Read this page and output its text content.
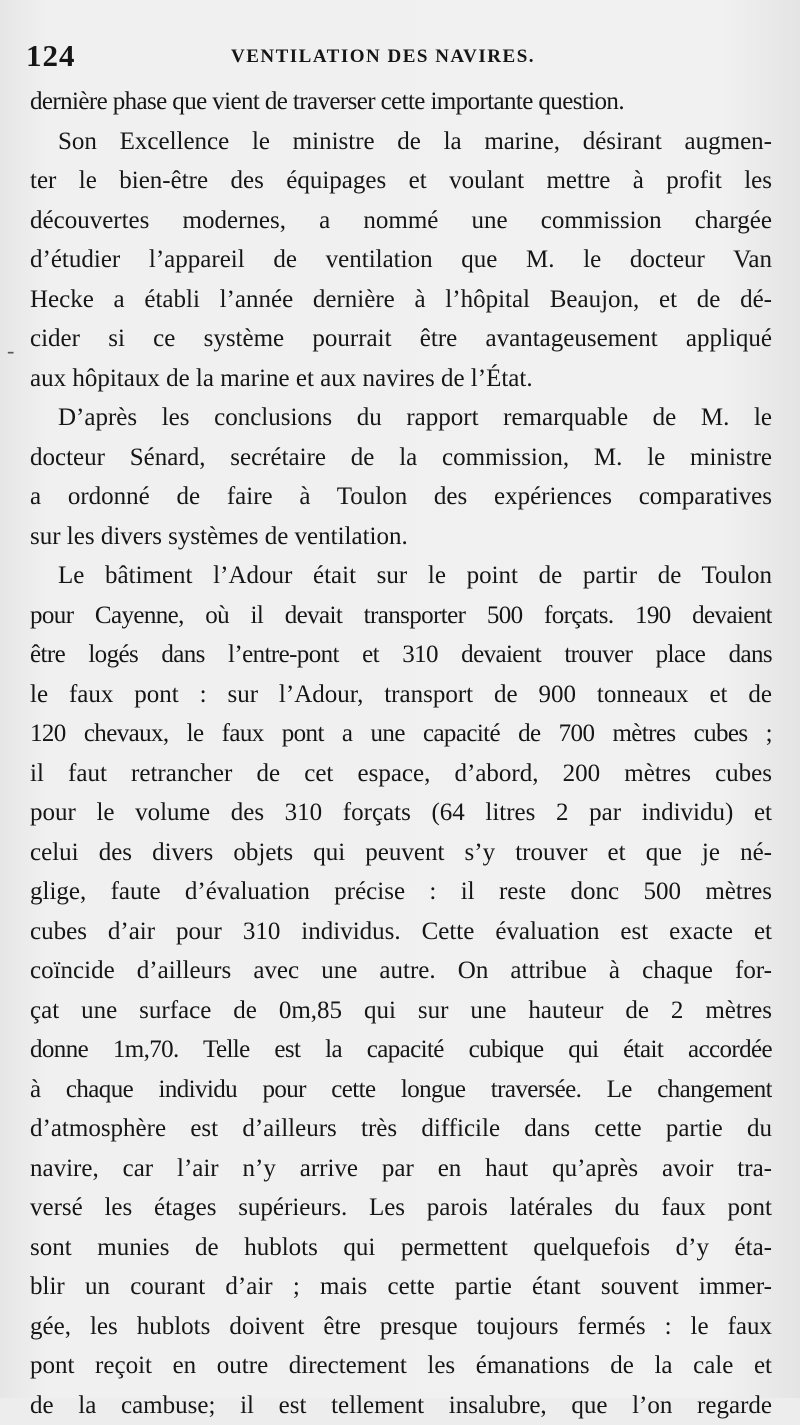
124	VENTILATION DES NAVIRES.
-
dernière phase que vient de traverser cette importante question.
Son Excellence le ministre de la marine, désirant augmen-
ter le bien-être des équipages et voulant mettre à profit les
découvertes modernes, a nommé une commission chargée
d’étudier l’appareil de ventilation que M. le docteur Van
Hecke a établi l’année dernière à l’hôpital Beaujon, et de dé-
cider si ce système pourrait être avantageusement appliqué
aux hôpitaux de la marine et aux navires de l’État.
D’après les conclusions du rapport remarquable de M. le
docteur Sénard, secrétaire de la commission, M. le ministre
a ordonné de faire à Toulon des expériences comparatives
sur les divers systèmes de ventilation.
Le bâtiment l’Adour était sur le point de partir de Toulon
pour Cayenne, où il devait transporter 500 forçats. 190 devaient
être logés dans l’entre-pont et 310 devaient trouver place dans
le faux pont : sur l’Adour, transport de 900 tonneaux et de
120 chevaux, le faux pont a une capacité de 700 mètres cubes ;
il faut retrancher de cet espace, d’abord, 200 mètres cubes
pour le volume des 310 forçats (64 litres 2 par individu) et
celui des divers objets qui peuvent s’y trouver et que je né-
glige, faute d’évaluation précise : il reste donc 500 mètres
cubes d’air pour 310 individus. Cette évaluation est exacte et
coïncide d’ailleurs avec une autre. On attribue à chaque for-
çat une surface de 0m,85 qui sur une hauteur de 2 mètres
donne 1m,70. Telle est la capacité cubique qui était accordée
à chaque individu pour cette longue traversée. Le changement
d’atmosphère est d’ailleurs très difficile dans cette partie du
navire, car l’air n’y arrive par en haut qu’après avoir tra-
versé les étages supérieurs. Les parois latérales du faux pont
sont munies de hublots qui permettent quelquefois d’y éta-
blir un courant d’air ; mais cette partie étant souvent immer-
gée, les hublots doivent être presque toujours fermés : le faux
pont reçoit en outre directement les émanations de la cale et
de la cambuse; il est tellement insalubre, que l’on regarde
